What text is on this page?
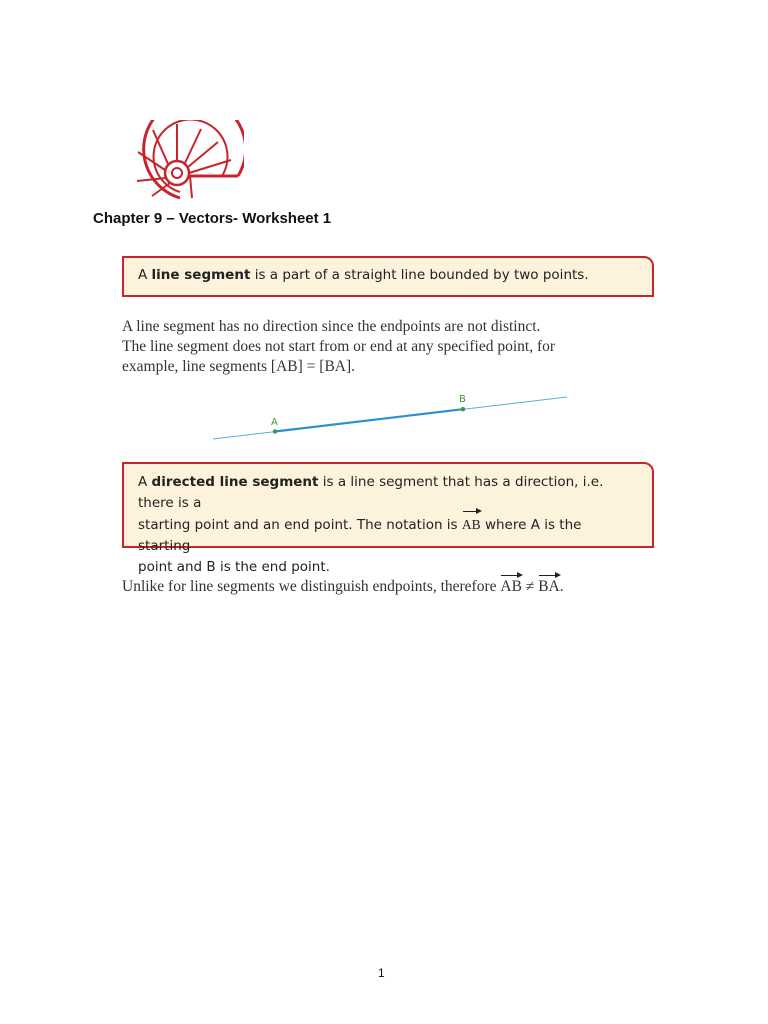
Chapter 9 – Vectors- Worksheet 1
A line segment is a part of a straight line bounded by two points.
A line segment has no direction since the endpoints are not distinct.
The line segment does not start from or end at any specified point, for
example, line segments [AB] = [BA].
A
B
A directed line segment is a line segment that has a direction, i.e. there is a
starting point and an end point. The notation is AB where A is the starting
point and B is the end point.
Unlike for line segments we distinguish endpoints, therefore AB ≠ BA.
1
